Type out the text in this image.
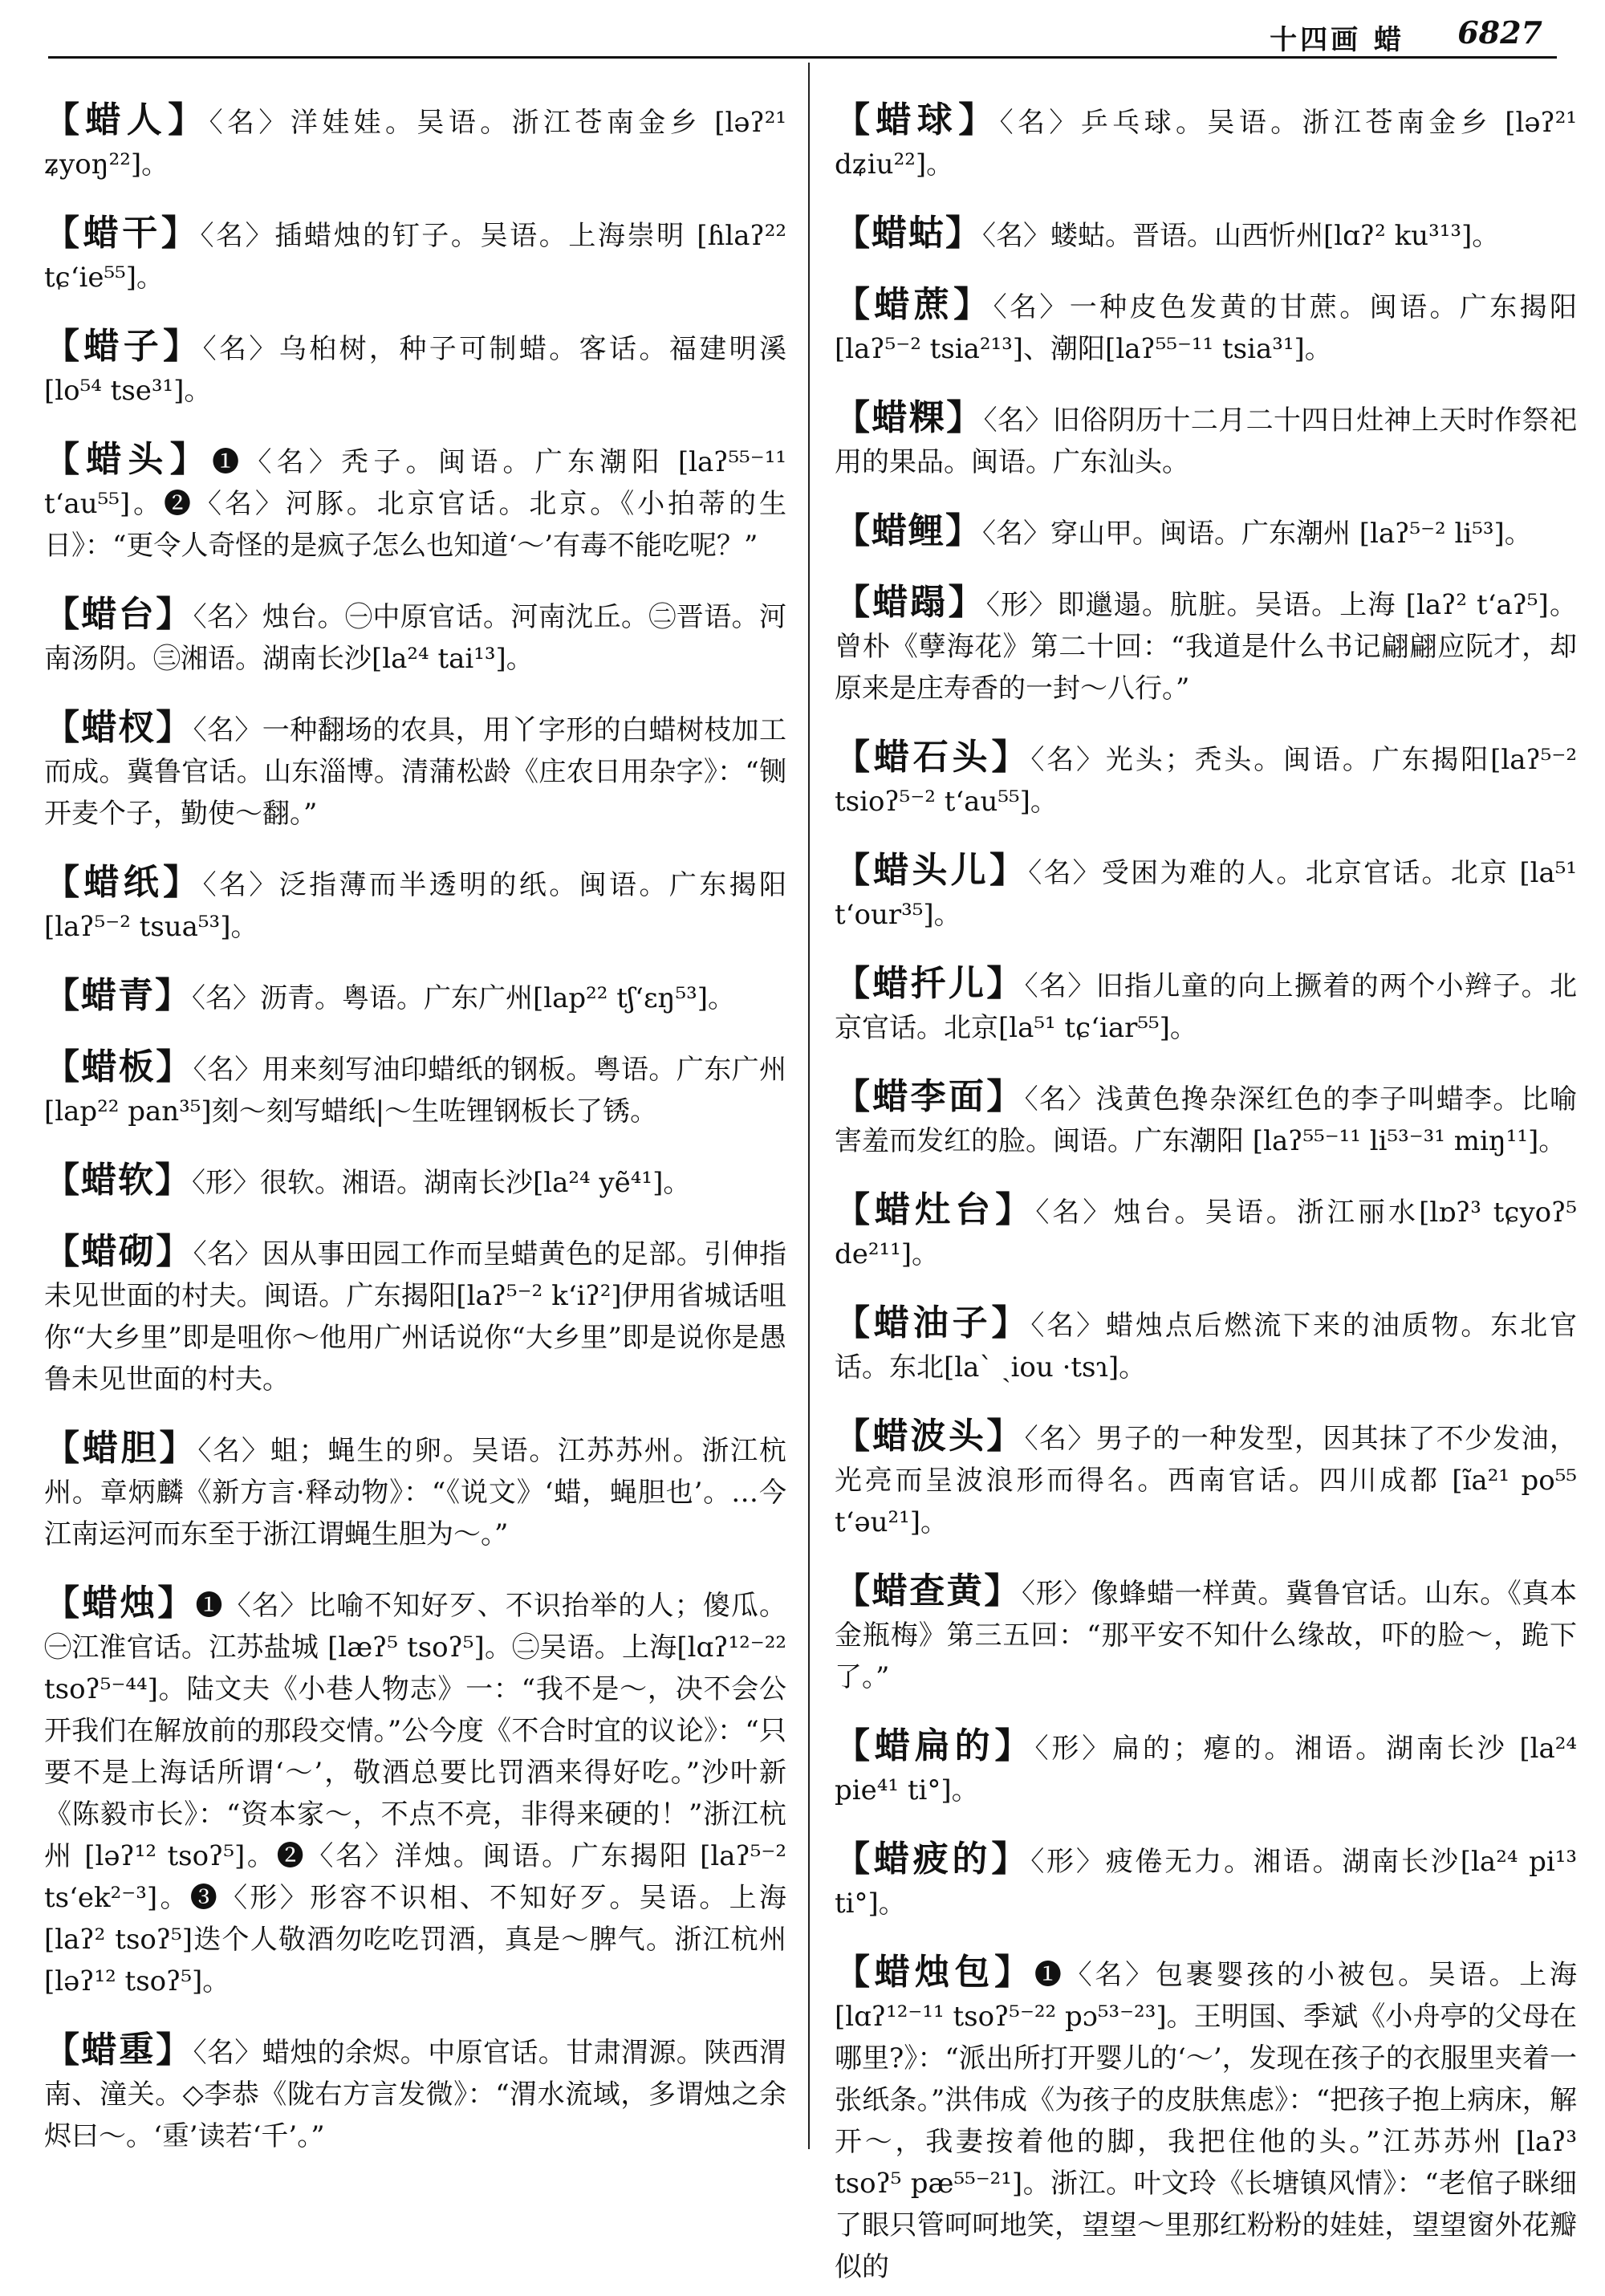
十四画 蜡 6827

【蜡人】〈名〉洋娃娃。吴语。浙江苍南金乡 [ləʔ²¹ ʑyoŋ²²]。

【蜡干】〈名〉插蜡烛的钉子。吴语。上海崇明 [ɦlaʔ²² tɕʻie⁵⁵]。

【蜡子】〈名〉乌桕树，种子可制蜡。客话。福建明溪 [lo⁵⁴ tse³¹]。

【蜡头】❶〈名〉秃子。闽语。广东潮阳 [laʔ⁵⁵⁻¹¹ tʻau⁵⁵]。❷〈名〉河豚。北京官话。北京。《小拍蒂的生日》：“更令人奇怪的是疯子怎么也知道‘～’有毒不能吃呢？”

【蜡台】〈名〉烛台。㊀中原官话。河南沈丘。㊁晋语。河南汤阴。㊂湘语。湖南长沙[la²⁴ tai¹³]。

【蜡杈】〈名〉一种翻场的农具，用丫字形的白蜡树枝加工而成。冀鲁官话。山东淄博。清蒲松龄《庄农日用杂字》：“铡开麦个子，勤使～翻。”

【蜡纸】〈名〉泛指薄而半透明的纸。闽语。广东揭阳 [laʔ⁵⁻² tsua⁵³]。

【蜡青】〈名〉沥青。粤语。广东广州[lap²² tʃʻɛŋ⁵³]。

【蜡板】〈名〉用来刻写油印蜡纸的钢板。粤语。广东广州[lap²² pan³⁵]刻～刻写蜡纸|～生咗锂钢板长了锈。

【蜡软】〈形〉很软。湘语。湖南长沙[la²⁴ yẽ⁴¹]。

【蜡砌】〈名〉因从事田园工作而呈蜡黄色的足部。引伸指未见世面的村夫。闽语。广东揭阳[laʔ⁵⁻² kʻiʔ²]伊用省城话咀你“大乡里”即是咀你～他用广州话说你“大乡里”即是说你是愚鲁未见世面的村夫。

【蜡胆】〈名〉蛆；蝇生的卵。吴语。江苏苏州。浙江杭州。章炳麟《新方言·释动物》：“《说文》‘蜡，蝇胆也’。…今江南运河而东至于浙江谓蝇生胆为～。”

【蜡烛】❶〈名〉比喻不知好歹、不识抬举的人；傻瓜。㊀江淮官话。江苏盐城 [læʔ⁵ tsoʔ⁵]。㊁吴语。上海[lɑʔ¹²⁻²² tsoʔ⁵⁻⁴⁴]。陆文夫《小巷人物志》一：“我不是～，决不会公开我们在解放前的那段交情。”公今度《不合时宜的议论》：“只要不是上海话所谓‘～’，敬酒总要比罚酒来得好吃。”沙叶新《陈毅市长》：“资本家～，不点不亮，非得来硬的！”浙江杭州 [ləʔ¹² tsoʔ⁵]。❷〈名〉洋烛。闽语。广东揭阳 [laʔ⁵⁻² tsʻek²⁻³]。❸〈形〉形容不识相、不知好歹。吴语。上海[laʔ² tsoʔ⁵]迭个人敬酒勿吃吃罚酒，真是～脾气。浙江杭州 [ləʔ¹² tsoʔ⁵]。

【蜡𡍴】〈名〉蜡烛的余烬。中原官话。甘肃渭源。陕西渭南、潼关。◇李恭《陇右方言发微》：“渭水流域，多谓烛之余烬曰～。‘𡍴’读若‘千’。”

【蜡球】〈名〉乒乓球。吴语。浙江苍南金乡 [ləʔ²¹ dʑiu²²]。

【蜡蛄】〈名〉蝼蛄。晋语。山西忻州[lɑʔ² ku³¹³]。

【蜡蔗】〈名〉一种皮色发黄的甘蔗。闽语。广东揭阳 [laʔ⁵⁻² tsia²¹³]、潮阳[laʔ⁵⁵⁻¹¹ tsia³¹]。

【蜡粿】〈名〉旧俗阴历十二月二十四日灶神上天时作祭祀用的果品。闽语。广东汕头。

【蜡鲤】〈名〉穿山甲。闽语。广东潮州 [laʔ⁵⁻² li⁵³]。

【蜡蹋】〈形〉即邋遢。肮脏。吴语。上海 [laʔ² tʻaʔ⁵]。曾朴《孽海花》第二十回：“我道是什么书记翩翩应阮才，却原来是庄寿香的一封～八行。”

【蜡石头】〈名〉光头；秃头。闽语。广东揭阳[laʔ⁵⁻² tsioʔ⁵⁻² tʻau⁵⁵]。

【蜡头儿】〈名〉受困为难的人。北京官话。北京 [la⁵¹ tʻour³⁵]。

【蜡扦儿】〈名〉旧指儿童的向上撅着的两个小辫子。北京官话。北京[la⁵¹ tɕʻiar⁵⁵]。

【蜡李面】〈名〉浅黄色搀杂深红色的李子叫蜡李。比喻害羞而发红的脸。闽语。广东潮阳 [laʔ⁵⁵⁻¹¹ li⁵³⁻³¹ miŋ¹¹]。

【蜡灶台】〈名〉烛台。吴语。浙江丽水[lɒʔ³ tɕyoʔ⁵ de²¹¹]。

【蜡油子】〈名〉蜡烛点后燃流下来的油质物。东北官话。东北[laˋ ˎiou ·tsɿ]。

【蜡波头】〈名〉男子的一种发型，因其抹了不少发油，光亮而呈波浪形而得名。西南官话。四川成都 [ĩa²¹ po⁵⁵ tʻəu²¹]。

【蜡查黄】〈形〉像蜂蜡一样黄。冀鲁官话。山东。《真本金瓶梅》第三五回：“那平安不知什么缘故，吓的脸～，跪下了。”

【蜡扁的】〈形〉扁的；瘪的。湘语。湖南长沙 [la²⁴ pie⁴¹ ti°]。

【蜡疲的】〈形〉疲倦无力。湘语。湖南长沙[la²⁴ pi¹³ ti°]。

【蜡烛包】❶〈名〉包裹婴孩的小被包。吴语。上海 [lɑʔ¹²⁻¹¹ tsoʔ⁵⁻²² pɔ⁵³⁻²³]。王明国、季斌《小舟亭的父母在哪里?》：“派出所打开婴儿的‘～’，发现在孩子的衣服里夹着一张纸条。”洪伟成《为孩子的皮肤焦虑》：“把孩子抱上病床，解开～，我妻按着他的脚，我把住他的头。”江苏苏州 [laʔ³ tsoʔ⁵ pæ⁵⁵⁻²¹]。浙江。叶文玲《长塘镇风情》：“老倌子眯细了眼只管呵呵地笑，望望～里那红粉粉的娃娃，望望窗外花瓣似的
